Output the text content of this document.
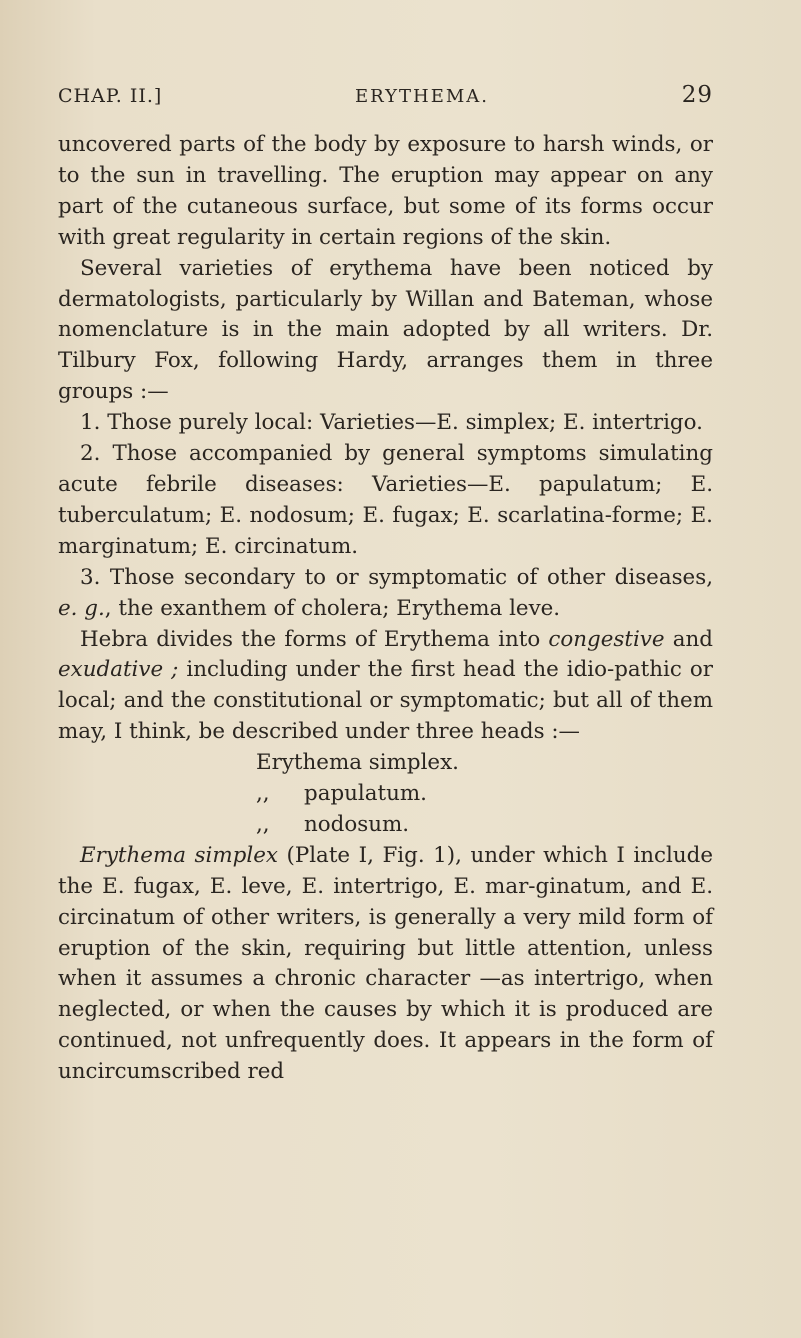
CHAP. II.]	ERYTHEMA.	29

uncovered parts of the body by exposure to harsh winds, or to the sun in travelling. The eruption may appear on any part of the cutaneous surface, but some of its forms occur with great regularity in certain regions of the skin.

Several varieties of erythema have been noticed by dermatologists, particularly by Willan and Bateman, whose nomenclature is in the main adopted by all writers. Dr. Tilbury Fox, following Hardy, arranges them in three groups :—

1. Those purely local: Varieties—E. simplex; E. intertrigo.

2. Those accompanied by general symptoms simulating acute febrile diseases: Varieties—E. papulatum; E. tuberculatum; E. nodosum; E. fugax; E. scarlatina-forme; E. marginatum; E. circinatum.

3. Those secondary to or symptomatic of other diseases, e. g., the exanthem of cholera; Erythema leve.

Hebra divides the forms of Erythema into congestive and exudative ; including under the first head the idio-pathic or local; and the constitutional or symptomatic; but all of them may, I think, be described under three heads :—

Erythema simplex.
,,	papulatum.
,,	nodosum.

Erythema simplex (Plate I, Fig. 1), under which I include the E. fugax, E. leve, E. intertrigo, E. mar-ginatum, and E. circinatum of other writers, is generally a very mild form of eruption of the skin, requiring but little attention, unless when it assumes a chronic character —as intertrigo, when neglected, or when the causes by which it is produced are continued, not unfrequently does. It appears in the form of uncircumscribed red
